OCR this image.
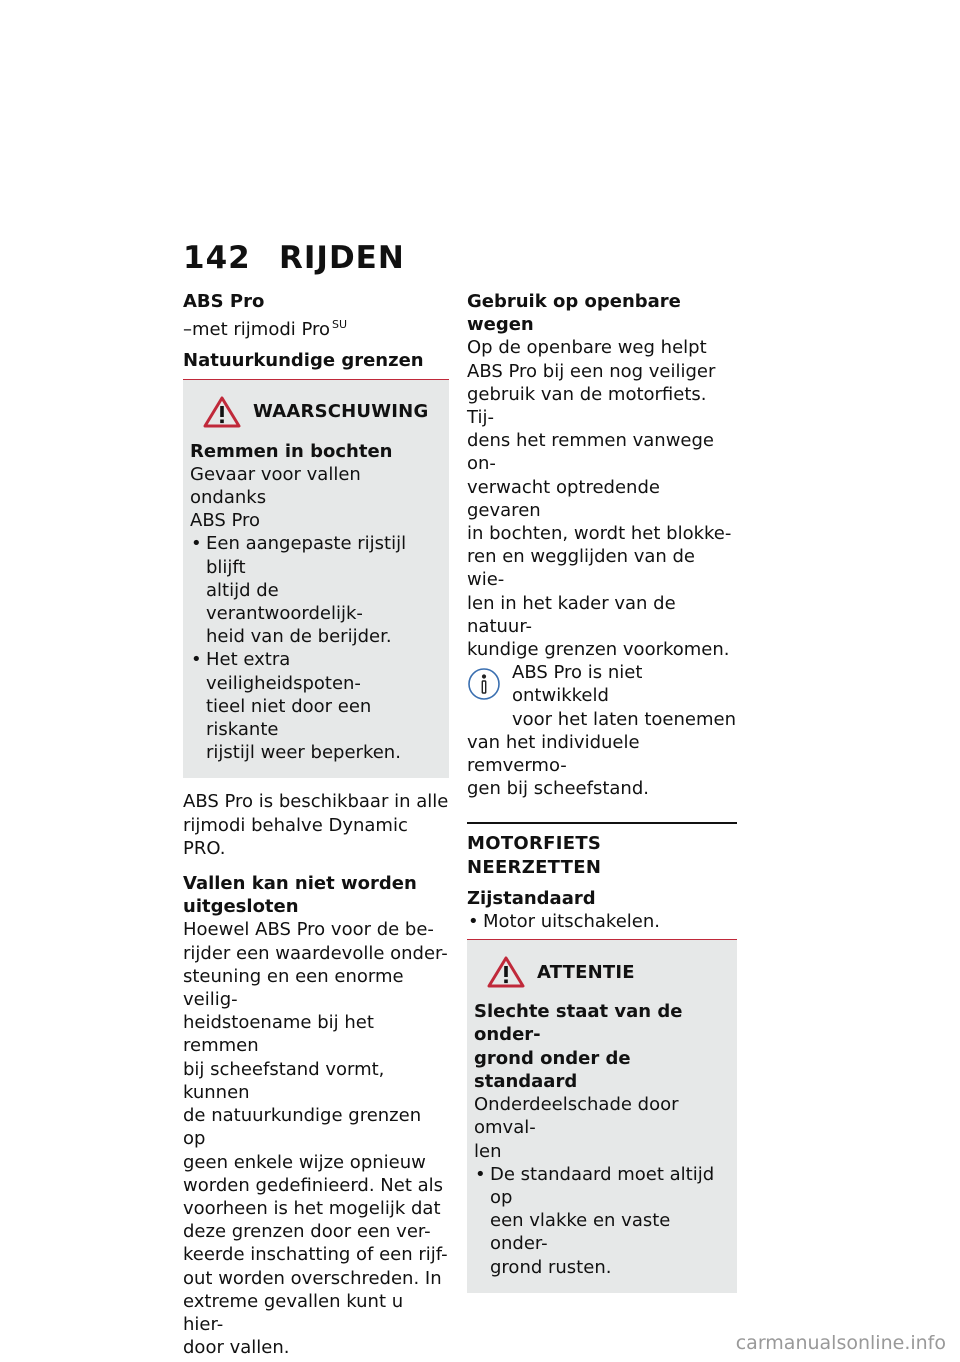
142 RIJDEN
ABS Pro
–met rijmodi Pro $^{SU}$
Natuurkundige grenzen
WAARSCHUWING
Remmen in bochten
Gevaar voor vallen ondanks
ABS Pro
• Een aangepaste rijstijl blijft
altijd de verantwoordelijk-
heid van de berijder.
• Het extra veiligheidspoten-
tieel niet door een riskante
rijstijl weer beperken.
ABS Pro is beschikbaar in alle
rijmodi behalve Dynamic PRO.
Vallen kan niet worden
uitgesloten
Hoewel ABS Pro voor de be-
rijder een waardevolle onder-
steuning en een enorme veilig-
heidstoename bij het remmen
bij scheefstand vormt, kunnen
de natuurkundige grenzen op
geen enkele wijze opnieuw
worden gedefinieerd. Net als
voorheen is het mogelijk dat
deze grenzen door een ver-
keerde inschatting of een rijf-
out worden overschreden. In
extreme gevallen kunt u hier-
door vallen.
Gebruik op openbare wegen
Op de openbare weg helpt
ABS Pro bij een nog veiliger
gebruik van de motorfiets. Tij-
dens het remmen vanwege on-
verwacht optredende gevaren
in bochten, wordt het blokke-
ren en wegglijden van de wie-
len in het kader van de natuur-
kundige grenzen voorkomen.
ABS Pro is niet ontwikkeld
voor het laten toenemen
van het individuele remvermo-
gen bij scheefstand.
MOTORFIETS NEERZETTEN
Zijstandaard
• Motor uitschakelen.
ATTENTIE
Slechte staat van de onder-
grond onder de standaard
Onderdeelschade door omval-
len
• De standaard moet altijd op
een vlakke en vaste onder-
grond rusten.
carmanualsonline.info
